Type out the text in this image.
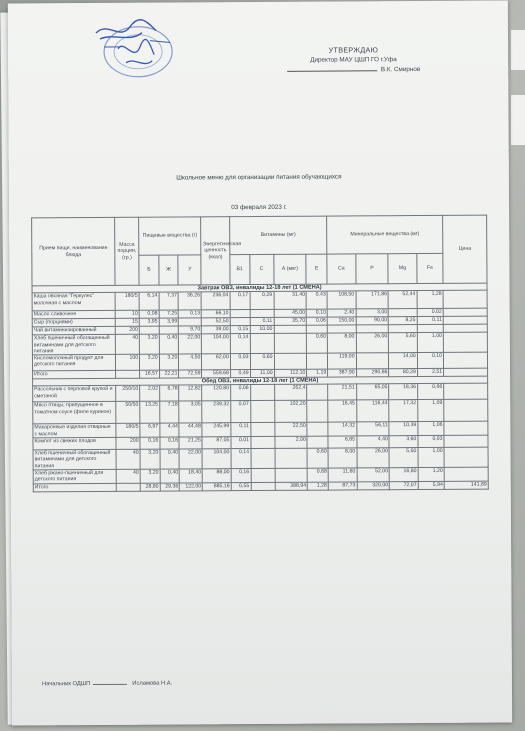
УТВЕРЖДАЮ
Директор МАУ ЦШП ГО г.Уфа
В.К. Смирнов
Школьное меню для организации питания обучающихся
03 февраля 2023 г.
Прием пищи, наименование блюда	Масса порции, (гр.)	Пищевые вещества (г)			Энергетическая ценность (ккал)	Витамины (мг)				Минеральные вещества (мг)				Цена
		Б	Ж	У		В1	С	А (мкг)	Е	Са	Р	Mg	Fe	
Завтрак ОВЗ, инвалиды 12-18 лет (1 СМЕНА)														
Каша овсяная "Геркулес" молочная с маслом	180/5	6,14	7,37	36,26	236,04	0,17	0,29	31,40	0,43	108,50	171,86	52,44	1,28	
Масло сливочное	10	0,08	7,25	0,13	66,10			45,00	0,10	2,40	3,00		0,02	
Сыр (порциями)	15	3,95	3,99		52,50		0,11	35,70	0,06	150,00	90,00	8,25	0,11	
Чай витаминизированный	200			9,70	39,00	0,15	10,00							
Хлеб пшеничный обогащенный витаминами для детского питания	40	3,20	0,40	22,00	104,00	0,14			0,60	8,00	26,00	5,60	1,00	
Кисломолочный продукт для детского питания	100	3,20	3,20	4,50	62,00	0,03	0,60			119,00		14,00	0,10	
Итого		16,57	22,21	72,59	559,68	0,49	11,00	112,10	1,19	387,90	290,86	80,29	2,51	
Обед ОВЗ, инвалиды 12-18 лет (1 СМЕНА)														
Рассольник с перловой крупой и сметаной	250/10	2,02	6,78	12,82	120,80	0,06		262,4		21,51	65,05	18,36	0,66	
Мясо птицы, припущенное в томатном соусе (филе куриное)	50/50	13,25	7,18	3,05	239,32	0,07		102,20		16,45	116,44	17,32	1,09	
Макаронные изделия отварные с маслом	180/5	6,97	4,44	44,48	245,99	0,11		22,50		14,32	56,11	10,39	1,06	
Компот из свежих плодов	200	0,16	0,16	21,25	87,05	0,01		2,00		6,85	4,40	3,60	0,93	
Хлеб пшеничный обогащенный витаминами для детского питания	40	3,20	0,40	22,00	104,00	0,14			0,60	8,00	26,00	5,60	1,00	
Хлеб ржано-пшеничный для детского питания	40	3,20	0,40	18,40	88,00	0,16			0,68	11,60	52,00	16,80	1,20	
Итого		28,80	29,36	122,00	885,16	0,55		388,94	1,28	87,73	320,00	72,07	5,94	141,89
Начальник ОДШП	Исламова Н.А.
